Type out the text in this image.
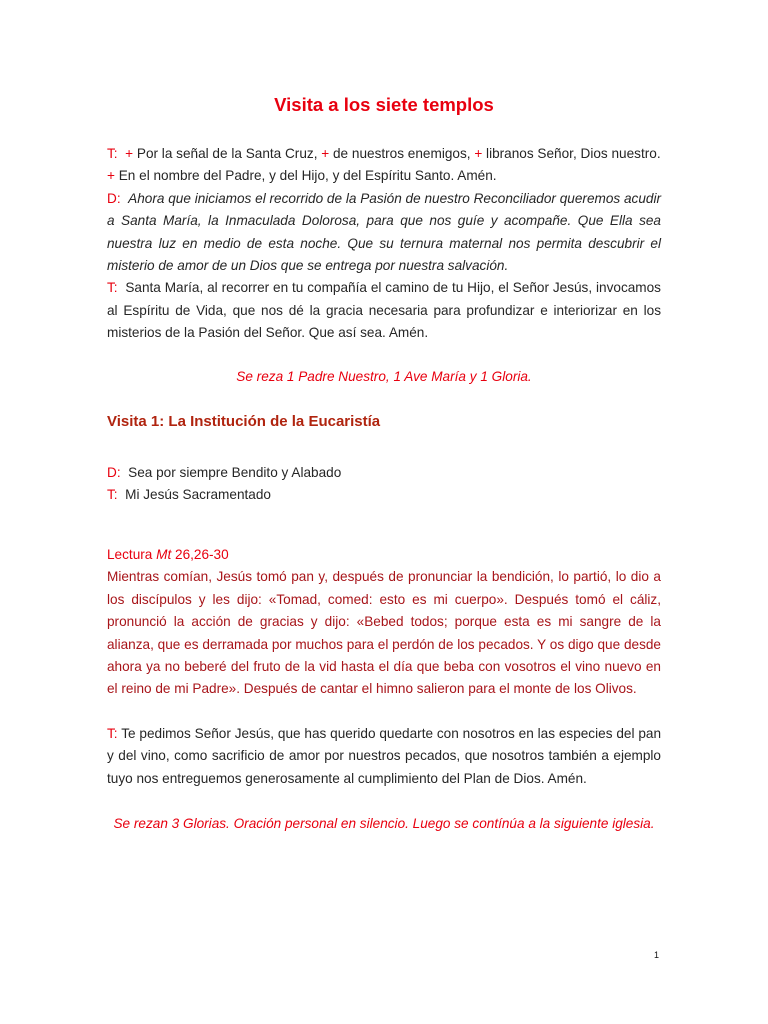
Visita a los siete templos

T: + Por la señal de la Santa Cruz, + de nuestros enemigos, + libranos Señor, Dios nuestro.
+ En el nombre del Padre, y del Hijo, y del Espíritu Santo. Amén.

D: Ahora que iniciamos el recorrido de la Pasión de nuestro Reconciliador queremos acudir a Santa María, la Inmaculada Dolorosa, para que nos guíe y acompañe. Que Ella sea nuestra luz en medio de esta noche. Que su ternura maternal nos permita descubrir el misterio de amor de un Dios que se entrega por nuestra salvación.

T: Santa María, al recorrer en tu compañía el camino de tu Hijo, el Señor Jesús, invocamos al Espíritu de Vida, que nos dé la gracia necesaria para profundizar e interiorizar en los misterios de la Pasión del Señor. Que así sea. Amén.

Se reza 1 Padre Nuestro, 1 Ave María y 1 Gloria.

Visita 1: La Institución de la Eucaristía

D: Sea por siempre Bendito y Alabado

T: Mi Jesús Sacramentado

Lectura Mt 26,26-30

Mientras comían, Jesús tomó pan y, después de pronunciar la bendición, lo partió, lo dio a los discípulos y les dijo: «Tomad, comed: esto es mi cuerpo». Después tomó el cáliz, pronunció la acción de gracias y dijo: «Bebed todos; porque esta es mi sangre de la alianza, que es derramada por muchos para el perdón de los pecados. Y os digo que desde ahora ya no beberé del fruto de la vid hasta el día que beba con vosotros el vino nuevo en el reino de mi Padre». Después de cantar el himno salieron para el monte de los Olivos.

T: Te pedimos Señor Jesús, que has querido quedarte con nosotros en las especies del pan y del vino, como sacrificio de amor por nuestros pecados, que nosotros también a ejemplo tuyo nos entreguemos generosamente al cumplimiento del Plan de Dios. Amén.

Se rezan 3 Glorias. Oración personal en silencio. Luego se contínúa a la siguiente iglesia.

1
